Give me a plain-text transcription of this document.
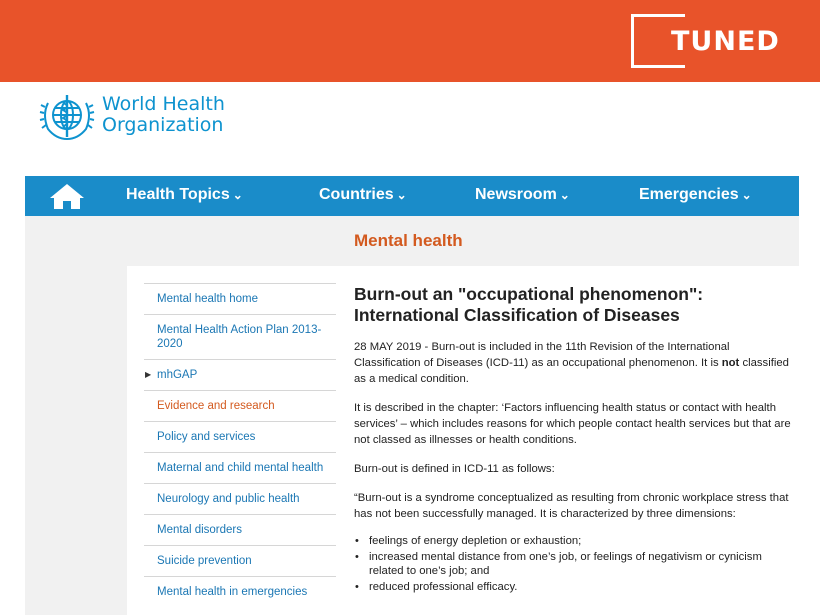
TUNED
World Health
Organization
Health Topics ⌄	Countries ⌄	Newsroom ⌄	Emergencies ⌄
Mental health
Mental health home
Mental Health Action Plan 2013-2020
▶ mhGAP
Evidence and research
Policy and services
Maternal and child mental health
Neurology and public health
Mental disorders
Suicide prevention
Mental health in emergencies
Burn-out an "occupational phenomenon": International Classification of Diseases

28 MAY 2019 - Burn-out is included in the 11th Revision of the International Classification of Diseases (ICD-11) as an occupational phenomenon. It is not classified as a medical condition.

It is described in the chapter: ‘Factors influencing health status or contact with health services’ – which includes reasons for which people contact health services but that are not classed as illnesses or health conditions.

Burn-out is defined in ICD-11 as follows:

“Burn-out is a syndrome conceptualized as resulting from chronic workplace stress that has not been successfully managed. It is characterized by three dimensions:

• feelings of energy depletion or exhaustion;
• increased mental distance from one’s job, or feelings of negativism or cynicism related to one’s job; and
• reduced professional efficacy.
